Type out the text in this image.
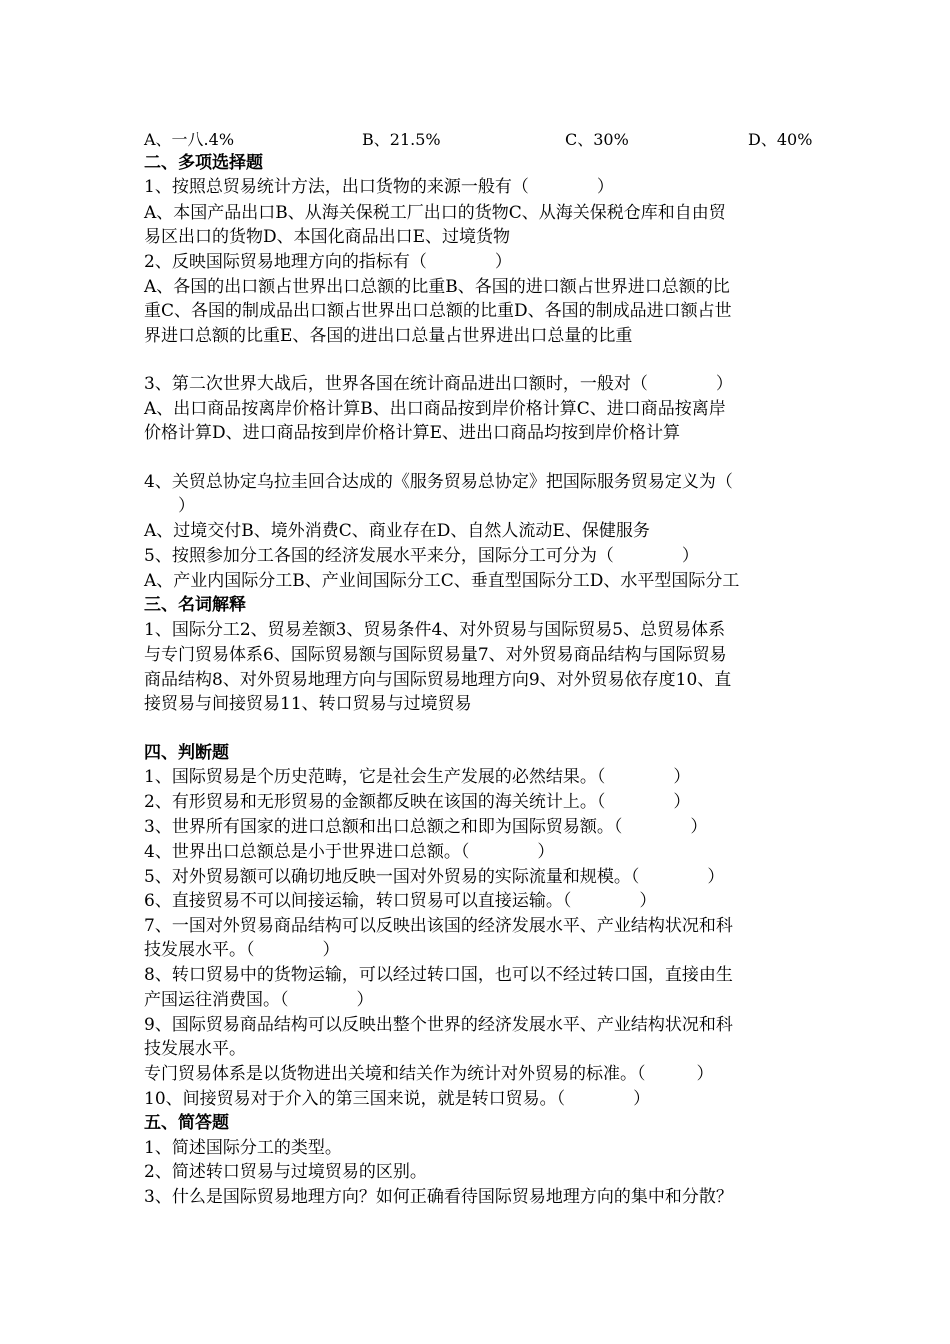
A、一八.4%	B、21.5%	C、30%	D、40%
二、多项选择题
1、按照总贸易统计方法，出口货物的来源一般有（　　　　）
A、本国产品出口B、从海关保税工厂出口的货物C、从海关保税仓库和自由贸
易区出口的货物D、本国化商品出口E、过境货物
2、反映国际贸易地理方向的指标有（　　　　）
A、各国的出口额占世界出口总额的比重B、各国的进口额占世界进口总额的比
重C、各国的制成品出口额占世界出口总额的比重D、各国的制成品进口额占世
界进口总额的比重E、各国的进出口总量占世界进出口总量的比重
3、第二次世界大战后，世界各国在统计商品进出口额时，一般对（　　　　）
A、出口商品按离岸价格计算B、出口商品按到岸价格计算C、进口商品按离岸
价格计算D、进口商品按到岸价格计算E、进出口商品均按到岸价格计算
4、关贸总协定乌拉圭回合达成的《服务贸易总协定》把国际服务贸易定义为（
　　）
A、过境交付B、境外消费C、商业存在D、自然人流动E、保健服务
5、按照参加分工各国的经济发展水平来分，国际分工可分为（　　　　）
A、产业内国际分工B、产业间国际分工C、垂直型国际分工D、水平型国际分工
三、名词解释
1、国际分工2、贸易差额3、贸易条件4、对外贸易与国际贸易5、总贸易体系
与专门贸易体系6、国际贸易额与国际贸易量7、对外贸易商品结构与国际贸易
商品结构8、对外贸易地理方向与国际贸易地理方向9、对外贸易依存度10、直
接贸易与间接贸易11、转口贸易与过境贸易
四、判断题
1、国际贸易是个历史范畴，它是社会生产发展的必然结果。（　　　　）
2、有形贸易和无形贸易的金额都反映在该国的海关统计上。（　　　　）
3、世界所有国家的进口总额和出口总额之和即为国际贸易额。（　　　　）
4、世界出口总额总是小于世界进口总额。（　　　　）
5、对外贸易额可以确切地反映一国对外贸易的实际流量和规模。（　　　　）
6、直接贸易不可以间接运输，转口贸易可以直接运输。（　　　　）
7、一国对外贸易商品结构可以反映出该国的经济发展水平、产业结构状况和科
技发展水平。（　　　　）
8、转口贸易中的货物运输，可以经过转口国，也可以不经过转口国，直接由生
产国运往消费国。（　　　　）
9、国际贸易商品结构可以反映出整个世界的经济发展水平、产业结构状况和科
技发展水平。
专门贸易体系是以货物进出关境和结关作为统计对外贸易的标准。（　　　）
10、间接贸易对于介入的第三国来说，就是转口贸易。（　　　　）
五、简答题
1、简述国际分工的类型。
2、简述转口贸易与过境贸易的区别。
3、什么是国际贸易地理方向？如何正确看待国际贸易地理方向的集中和分散？
